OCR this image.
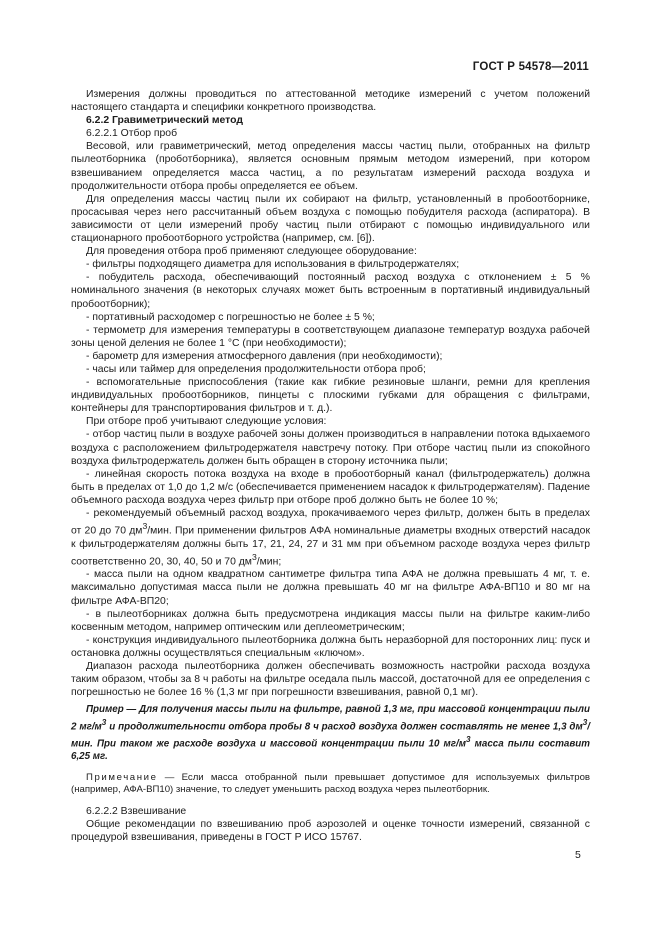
ГОСТ Р 54578—2011

Измерения должны проводиться по аттестованной методике измерений с учетом положений настоящего стандарта и специфики конкретного производства.

6.2.2 Гравиметрический метод

6.2.2.1 Отбор проб

Весовой, или гравиметрический, метод определения массы частиц пыли, отобранных на фильтр пылеотборника (проботборника), является основным прямым методом измерений, при котором взвешиванием определяется масса частиц, а по результатам измерений расхода воздуха и продолжительности отбора пробы определяется ее объем.

Для определения массы частиц пыли их собирают на фильтр, установленный в пробоотборнике, просасывая через него рассчитанный объем воздуха с помощью побудителя расхода (аспиратора). В зависимости от цели измерений пробу частиц пыли отбирают с помощью индивидуального или стационарного пробоотборного устройства (например, см. [6]).

Для проведения отбора проб применяют следующее оборудование:

- фильтры подходящего диаметра для использования в фильтродержателях;

- побудитель расхода, обеспечивающий постоянный расход воздуха с отклонением ± 5 % номинального значения (в некоторых случаях может быть встроенным в портативный индивидуальный пробоотборник);

- портативный расходомер с погрешностью не более ± 5 %;

- термометр для измерения температуры в соответствующем диапазоне температур воздуха рабочей зоны ценой деления не более 1 °С (при необходимости);

- барометр для измерения атмосферного давления (при необходимости);

- часы или таймер для определения продолжительности отбора проб;

- вспомогательные приспособления (такие как гибкие резиновые шланги, ремни для крепления индивидуальных пробоотборников, пинцеты с плоскими губками для обращения с фильтрами, контейнеры для транспортирования фильтров и т. д.).

При отборе проб учитывают следующие условия:

- отбор частиц пыли в воздухе рабочей зоны должен производиться в направлении потока вдыхаемого воздуха с расположением фильтродержателя навстречу потоку. При отборе частиц пыли из спокойного воздуха фильтродержатель должен быть обращен в сторону источника пыли;

- линейная скорость потока воздуха на входе в пробоотборный канал (фильтродержатель) должна быть в пределах от 1,0 до 1,2 м/с (обеспечивается применением насадок к фильтродержателям). Падение объемного расхода воздуха через фильтр при отборе проб должно быть не более 10 %;

- рекомендуемый объемный расход воздуха, прокачиваемого через фильтр, должен быть в пределах от 20 до 70 $дм^3$/мин. При применении фильтров АФА номинальные диаметры входных отверстий насадок к фильтродержателям должны быть 17, 21, 24, 27 и 31 мм при объемном расходе воздуха через фильтр соответственно 20, 30, 40, 50 и 70 $дм^3$/мин;

- масса пыли на одном квадратном сантиметре фильтра типа АФА не должна превышать 4 мг, т. е. максимально допустимая масса пыли не должна превышать 40 мг на фильтре АФА-ВП10 и 80 мг на фильтре АФА-ВП20;

- в пылеотборниках должна быть предусмотрена индикация массы пыли на фильтре каким-либо косвенным методом, например оптическим или деплеометрическим;

- конструкция индивидуального пылеотборника должна быть неразборной для посторонних лиц: пуск и остановка должны осуществляться специальным «ключом».

Диапазон расхода пылеотборника должен обеспечивать возможность настройки расхода воздуха таким образом, чтобы за 8 ч работы на фильтре оседала пыль массой, достаточной для ее определения с погрешностью не более 16 % (1,3 мг при погрешности взвешивания, равной 0,1 мг).

Пример — Для получения массы пыли на фильтре, равной 1,3 мг, при массовой концентрации пыли 2 $мг/м^3$ и продолжительности отбора пробы 8 ч расход воздуха должен составлять не менее 1,3 $дм^3$/мин. При таком же расходе воздуха и массовой концентрации пыли 10 $мг/м^3$ масса пыли составит 6,25 мг.

Примечание — Если масса отобранной пыли превышает допустимое для используемых фильтров (например, АФА-ВП10) значение, то следует уменьшить расход воздуха через пылеотборник.

6.2.2.2 Взвешивание

Общие рекомендации по взвешиванию проб аэрозолей и оценке точности измерений, связанной с процедурой взвешивания, приведены в ГОСТ Р ИСО 15767.

5
